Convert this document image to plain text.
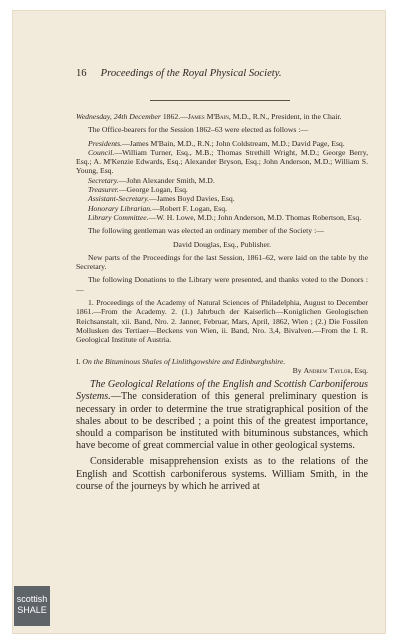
16 Proceedings of the Royal Physical Society.

Wednesday, 24th December 1862.—James M'Bain, M.D., R.N., President, in the Chair.

The Office-bearers for the Session 1862–63 were elected as follows :—

Presidents.—James M'Bain, M.D., R.N.; John Coldstream, M.D.; David Page, Esq.

Council.—William Turner, Esq., M.B.; Thomas Strethill Wright, M.D.; George Berry, Esq.; A. M'Kenzie Edwards, Esq.; Alexander Bryson, Esq.; John Anderson, M.D.; William S. Young, Esq.

Secretary.—John Alexander Smith, M.D.

Treasurer.—George Logan, Esq.

Assistant-Secretary.—James Boyd Davies, Esq.

Honorary Librarian.—Robert F. Logan, Esq.

Library Committee.—W. H. Lowe, M.D.; John Anderson, M.D. Thomas Robertson, Esq.

The following gentleman was elected an ordinary member of the Society :—

David Douglas, Esq., Publisher.

New parts of the Proceedings for the last Session, 1861–62, were laid on the table by the Secretary.

The following Donations to the Library were presented, and thanks voted to the Donors :—

1. Proceedings of the Academy of Natural Sciences of Philadelphia, August to December 1861.—From the Academy. 2. (1.) Jahrbuch der Kaiserlich—Koniglichen Geologischen Reichsanstalt, xii. Band, Nro. 2. Janner, Februar, Mars, April, 1862, Wien ; (2.) Die Fossilen Mollusken des Tertiaer—Beckens von Wien, ii. Band, Nro. 3,4, Bivalven.—From the I. R. Geological Institute of Austria.

I. On the Bituminous Shales of Linlithgowshire and Edinburghshire.

By Andrew Taylor, Esq.

The Geological Relations of the English and Scottish Carboniferous Systems.—The consideration of this general preliminary question is necessary in order to determine the true stratigraphical position of the shales about to be described ; a point this of the greatest importance, should a comparison be instituted with bituminous substances, which have become of great commercial value in other geological systems.

Considerable misapprehension exists as to the relations of the English and Scottish carboniferous systems. William Smith, in the course of the journeys by which he arrived at

scottish
SHALE
